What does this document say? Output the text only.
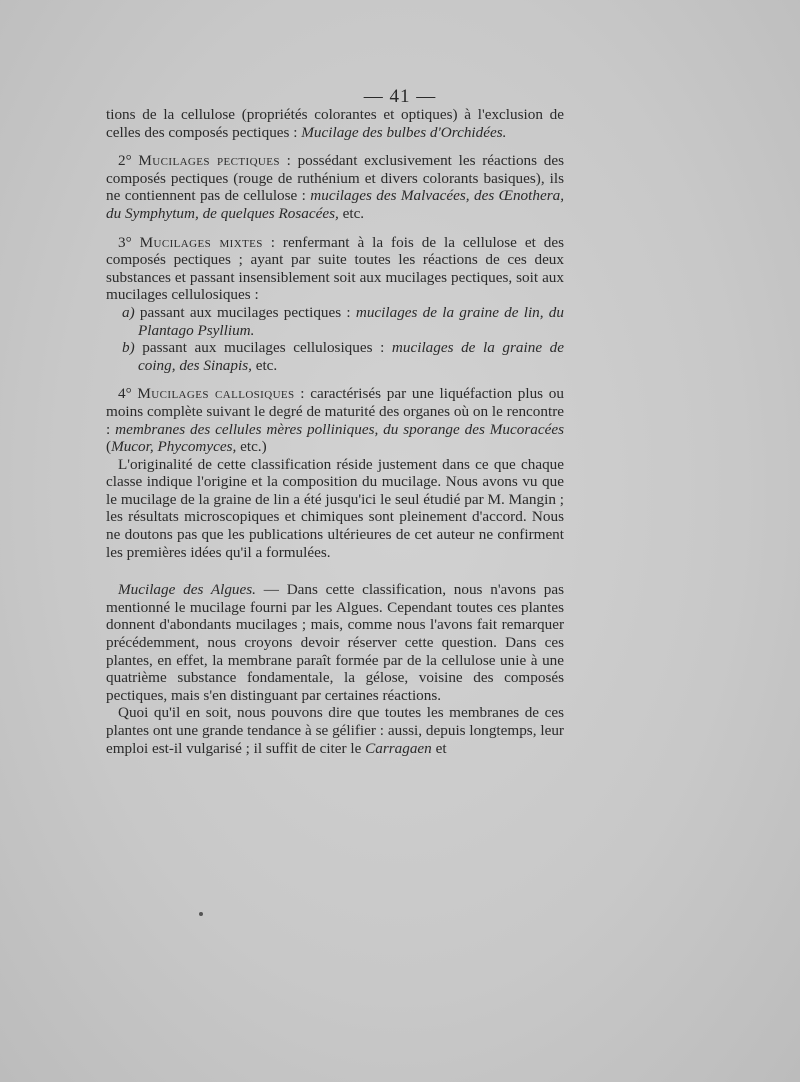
— 41 —

tions de la cellulose (propriétés colorantes et optiques) à l'exclusion de celles des composés pectiques : Mucilage des bulbes d'Orchidées.

2° Mucilages pectiques : possédant exclusivement les réactions des composés pectiques (rouge de ruthénium et divers colorants basiques), ils ne contiennent pas de cellulose : mucilages des Malvacées, des Œnothera, du Symphytum, de quelques Rosacées, etc.

3° Mucilages mixtes : renfermant à la fois de la cellulose et des composés pectiques ; ayant par suite toutes les réactions de ces deux substances et passant insensiblement soit aux mucilages pectiques, soit aux mucilages cellulosiques :

a) passant aux mucilages pectiques : mucilages de la graine de lin, du Plantago Psyllium.

b) passant aux mucilages cellulosiques : mucilages de la graine de coing, des Sinapis, etc.

4° Mucilages callosiques : caractérisés par une liquéfaction plus ou moins complète suivant le degré de maturité des organes où on le rencontre : membranes des cellules mères polliniques, du sporange des Mucoracées (Mucor, Phycomyces, etc.)

L'originalité de cette classification réside justement dans ce que chaque classe indique l'origine et la composition du mucilage. Nous avons vu que le mucilage de la graine de lin a été jusqu'ici le seul étudié par M. Mangin ; les résultats microscopiques et chimiques sont pleinement d'accord. Nous ne doutons pas que les publications ultérieures de cet auteur ne confirment les premières idées qu'il a formulées.

Mucilage des Algues. — Dans cette classification, nous n'avons pas mentionné le mucilage fourni par les Algues. Cependant toutes ces plantes donnent d'abondants mucilages ; mais, comme nous l'avons fait remarquer précédemment, nous croyons devoir réserver cette question. Dans ces plantes, en effet, la membrane paraît formée par de la cellulose unie à une quatrième substance fondamentale, la gélose, voisine des composés pectiques, mais s'en distinguant par certaines réactions.

Quoi qu'il en soit, nous pouvons dire que toutes les membranes de ces plantes ont une grande tendance à se gélifier : aussi, depuis longtemps, leur emploi est-il vulgarisé ; il suffit de citer le Carragaen et
